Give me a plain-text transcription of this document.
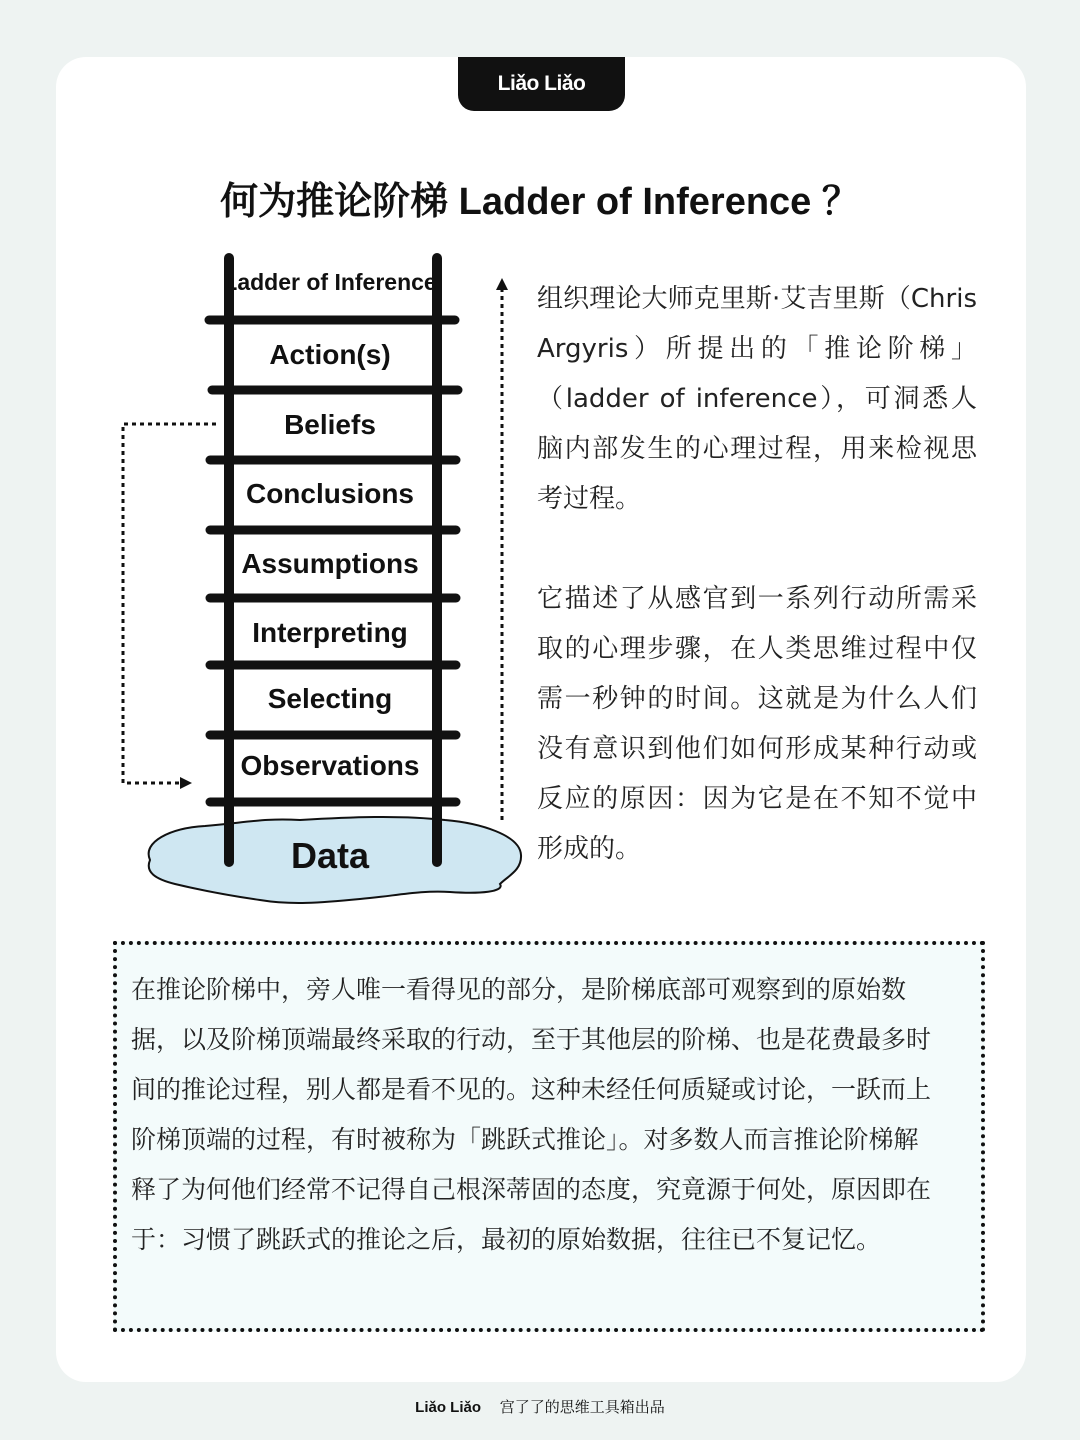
Liǎo Liǎo
何为推论阶梯 Ladder of Inference ？
Ladder of Inference
Action(s)
Beliefs
Conclusions
Assumptions
Interpreting
Selecting
Observations
Data

组织理论大师克里斯·艾吉里斯（Chris Argyris）所提出的「推论阶梯」（ladder of inference），可洞悉人脑内部发生的心理过程，用来检视思考过程。

它描述了从感官到一系列行动所需采取的心理步骤，在人类思维过程中仅需一秒钟的时间。这就是为什么人们没有意识到他们如何形成某种行动或反应的原因：因为它是在不知不觉中形成的。

在推论阶梯中，旁人唯一看得见的部分，是阶梯底部可观察到的原始数据，以及阶梯顶端最终采取的行动，至于其他层的阶梯、也是花费最多时间的推论过程，别人都是看不见的。这种未经任何质疑或讨论，一跃而上阶梯顶端的过程，有时被称为「跳跃式推论」。对多数人而言推论阶梯解释了为何他们经常不记得自己根深蒂固的态度，究竟源于何处，原因即在于：习惯了跳跃式的推论之后，最初的原始数据，往往已不复记忆。
Liǎo Liǎo 宫了了的思维工具箱出品
